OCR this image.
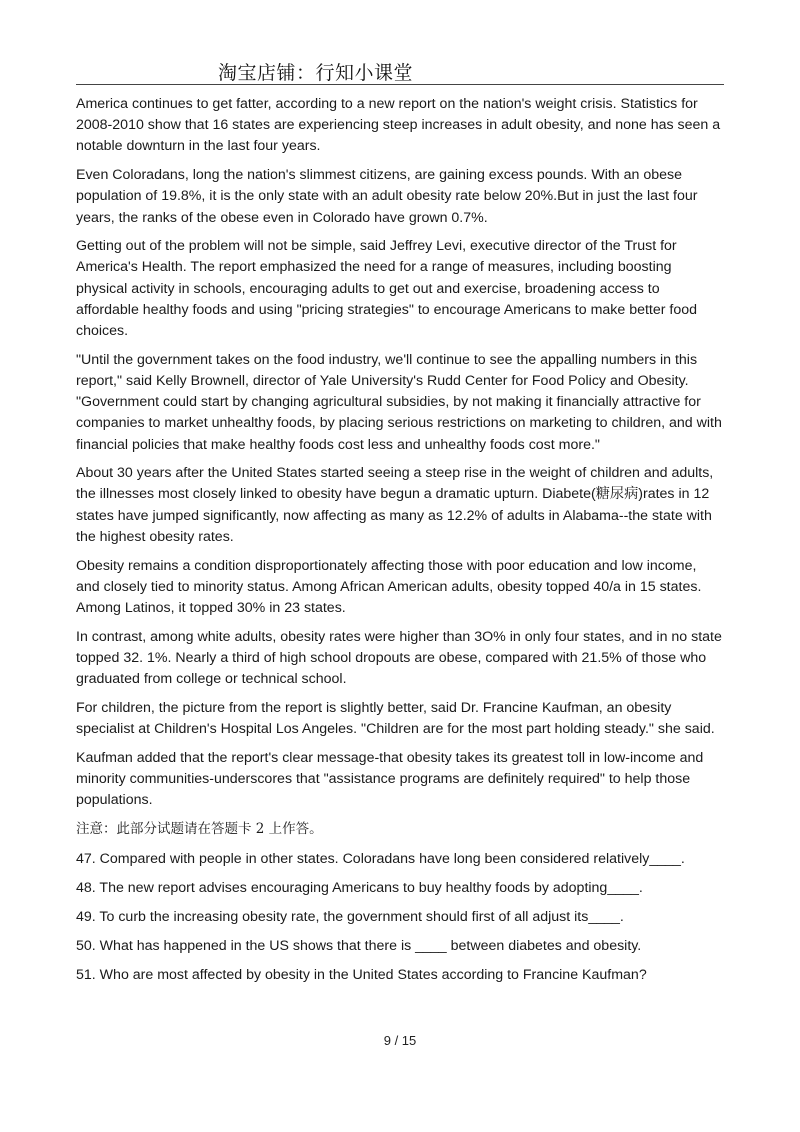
淘宝店铺：行知小课堂

America continues to get fatter, according to a new report on the nation's weight crisis. Statistics for 2008-2010 show that 16 states are experiencing steep increases in adult obesity, and none has seen a notable downturn in the last four years.

Even Coloradans, long the nation's slimmest citizens, are gaining excess pounds. With an obese population of 19.8%, it is the only state with an adult obesity rate below 20%.But in just the last four years, the ranks of the obese even in Colorado have grown 0.7%.

Getting out of the problem will not be simple, said Jeffrey Levi, executive director of the Trust for America's Health. The report emphasized the need for a range of measures, including boosting physical activity in schools, encouraging adults to get out and exercise, broadening access to affordable healthy foods and using "pricing strategies" to encourage Americans to make better food choices.

"Until the government takes on the food industry, we'll continue to see the appalling numbers in this report," said Kelly Brownell, director of Yale University's Rudd Center for Food Policy and Obesity. "Government could start by changing agricultural subsidies, by not making it financially attractive for companies to market unhealthy foods, by placing serious restrictions on marketing to children, and with financial policies that make healthy foods cost less and unhealthy foods cost more."

About 30 years after the United States started seeing a steep rise in the weight of children and adults, the illnesses most closely linked to obesity have begun a dramatic upturn. Diabete(糖尿病)rates in 12 states have jumped significantly, now affecting as many as 12.2% of adults in Alabama--the state with the highest obesity rates.

Obesity remains a condition disproportionately affecting those with poor education and low income, and closely tied to minority status. Among African American adults, obesity topped 40/a in 15 states. Among Latinos, it topped 30% in 23 states.

In contrast, among white adults, obesity rates were higher than 3O% in only four states, and in no state topped 32. 1%. Nearly a third of high school dropouts are obese, compared with 21.5% of those who graduated from college or technical school.

For children, the picture from the report is slightly better, said Dr. Francine Kaufman, an obesity specialist at Children's Hospital Los Angeles. "Children are for the most part holding steady." she said.

Kaufman added that the report's clear message-that obesity takes its greatest toll in low-income and minority communities-underscores that "assistance programs are definitely required" to help those populations.

注意：此部分试题请在答题卡 2 上作答。

47. Compared with people in other states. Coloradans have long been considered relatively____.

48. The new report advises encouraging Americans to buy healthy foods by adopting____.

49. To curb the increasing obesity rate, the government should first of all adjust its____.

50. What has happened in the US shows that there is ____ between diabetes and obesity.

51. Who are most affected by obesity in the United States according to Francine Kaufman?

9 / 15
